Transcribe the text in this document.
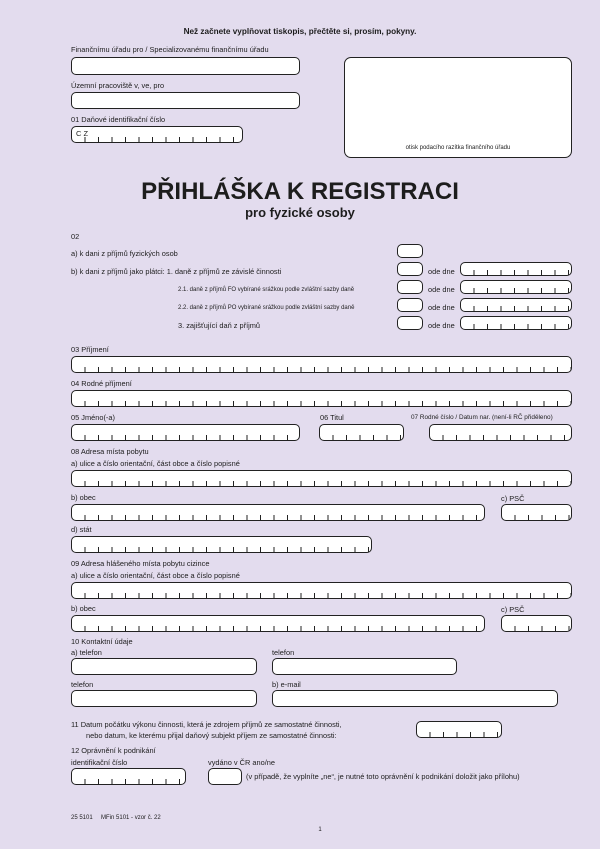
Než začnete vyplňovat tiskopis, přečtěte si, prosím, pokyny.
Finančnímu úřadu pro / Specializovanému finančnímu úřadu
Územní pracoviště v, ve, pro
01 Daňové identifikační číslo
C Z
otisk podacího razítka finančního úřadu
PŘIHLÁŠKA K REGISTRACI
pro fyzické osoby
02
a) k dani z příjmů fyzických osob
b) k dani z příjmů jako plátci: 1. daně z příjmů ze závislé činnosti	ode dne
2.1. daně z příjmů FO vybírané srážkou podle zvláštní sazby daně	ode dne
2.2. daně z příjmů PO vybírané srážkou podle zvláštní sazby daně	ode dne
3. zajišťující daň z příjmů	ode dne
03 Příjmení
04 Rodné příjmení
05 Jméno(-a)	06 Titul	07 Rodné číslo / Datum nar. (není-li RČ přiděleno)
08 Adresa místa pobytu
a) ulice a číslo orientační, část obce a číslo popisné
b) obec	c) PSČ
d) stát
09 Adresa hlášeného místa pobytu cizince
a) ulice a číslo orientační, část obce a číslo popisné
b) obec	c) PSČ
10 Kontaktní údaje
a) telefon	telefon
telefon	b) e-mail
11 Datum počátku výkonu činnosti, která je zdrojem příjmů ze samostatné činnosti,
nebo datum, ke kterému přijal daňový subjekt příjem ze samostatné činnosti:
12 Oprávnění k podnikání
identifikační číslo	vydáno v ČR ano/ne
(v případě, že vyplníte „ne“, je nutné toto oprávnění k podnikání doložit jako přílohu)
25 5101     MFin 5101 - vzor č. 22
1
